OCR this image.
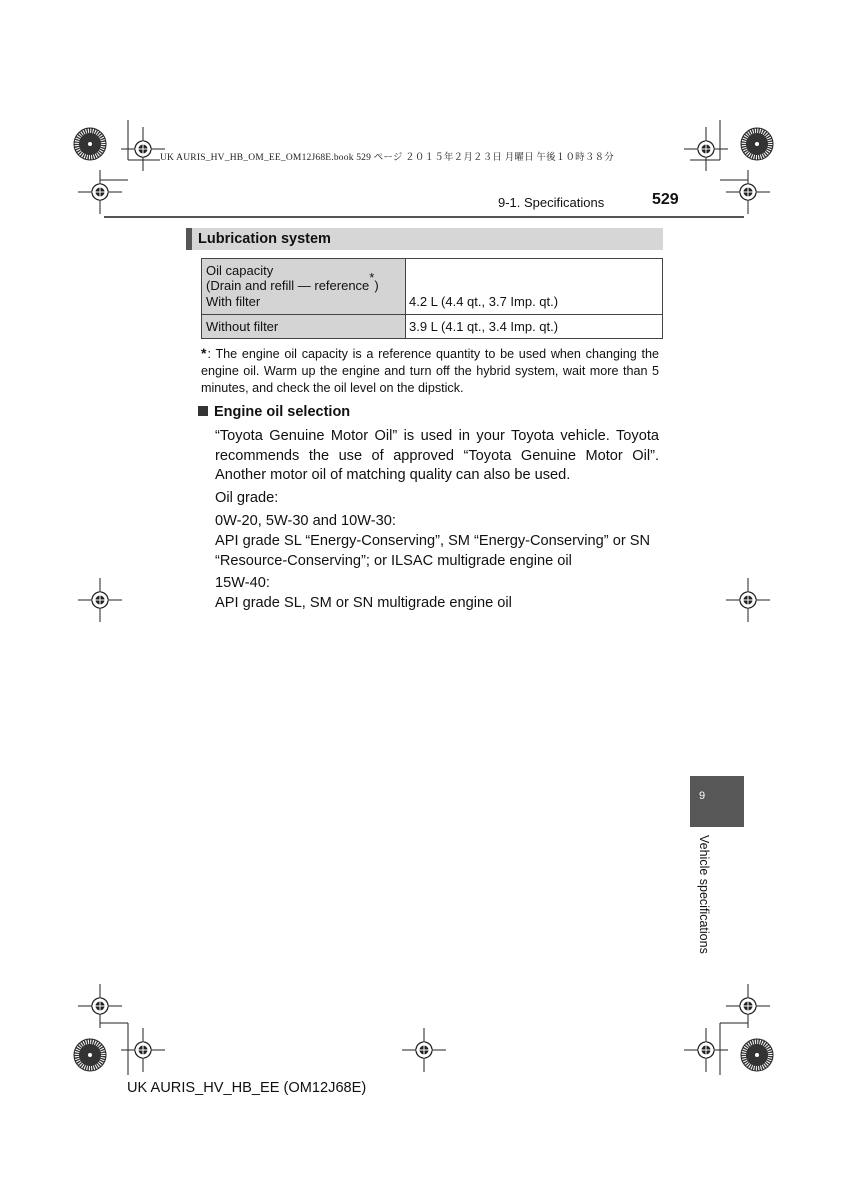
UK AURIS_HV_HB_OM_EE_OM12J68E.book 529 ページ ２０１５年２月２３日 月曜日 午後１０時３８分
9-1. Specifications	529
Lubrication system
Oil capacity
(Drain and refill — reference*)
With filter	4.2 L (4.4 qt., 3.7 Imp. qt.)
Without filter	3.9 L (4.1 qt., 3.4 Imp. qt.)
*: The engine oil capacity is a reference quantity to be used when changing the engine oil. Warm up the engine and turn off the hybrid system, wait more than 5 minutes, and check the oil level on the dipstick.
Engine oil selection
“Toyota Genuine Motor Oil” is used in your Toyota vehicle. Toyota recommends the use of approved “Toyota Genuine Motor Oil”. Another motor oil of matching quality can also be used.
Oil grade:
0W-20, 5W-30 and 10W-30:
API grade SL “Energy-Conserving”, SM “Energy-Conserving” or SN “Resource-Conserving”; or ILSAC multigrade engine oil
15W-40:
API grade SL, SM or SN multigrade engine oil
9
Vehicle specifications
UK AURIS_HV_HB_EE (OM12J68E)
